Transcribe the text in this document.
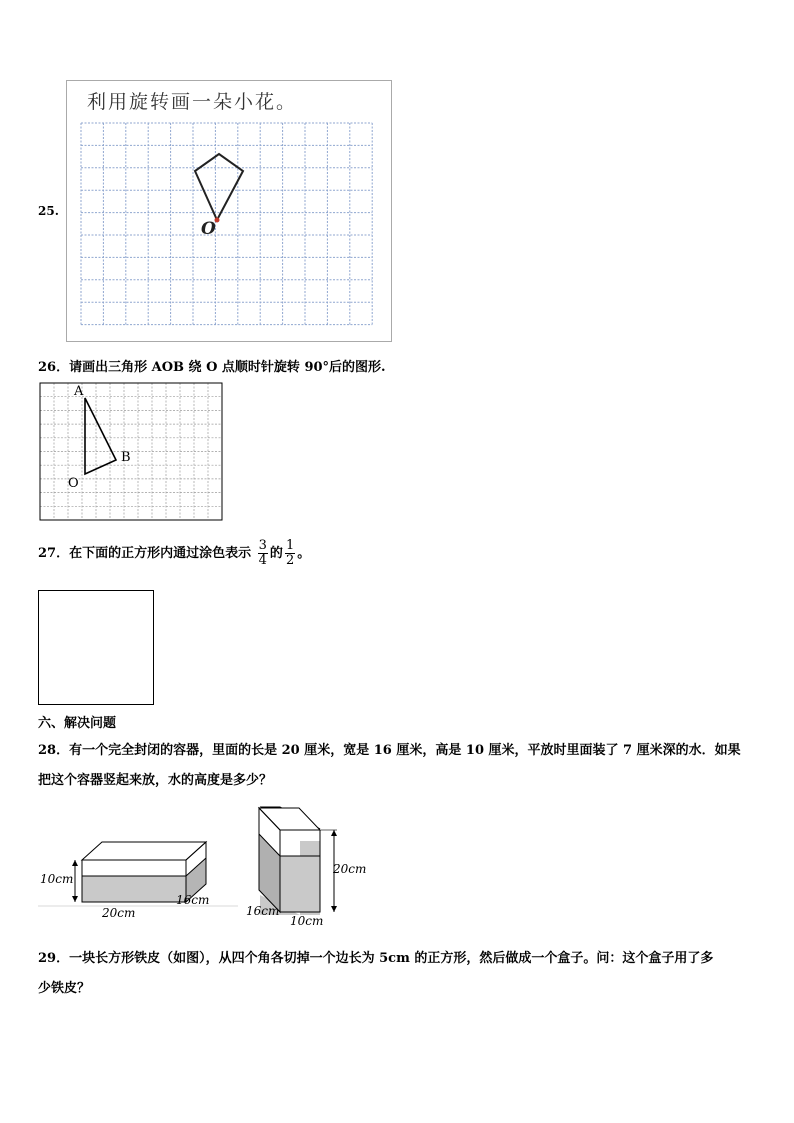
25.
利用旋转画一朵小花。
O
26．请画出三角形 AOB 绕 O 点顺时针旋转 90°后的图形.
A
B
O
27．在下面的正方形内通过涂色表示 $\frac{3}{4}$ 的 $\frac{1}{2}$ 。
六、解决问题
28．有一个完全封闭的容器，里面的长是 20 厘米，宽是 16 厘米，高是 10 厘米，平放时里面装了 7 厘米深的水．如果
把这个容器竖起来放，水的高度是多少？
10cm
20cm
16cm
20cm
16cm
10cm
29．一块长方形铁皮（如图），从四个角各切掉一个边长为 5cm 的正方形，然后做成一个盒子。问：这个盒子用了多
少铁皮？
